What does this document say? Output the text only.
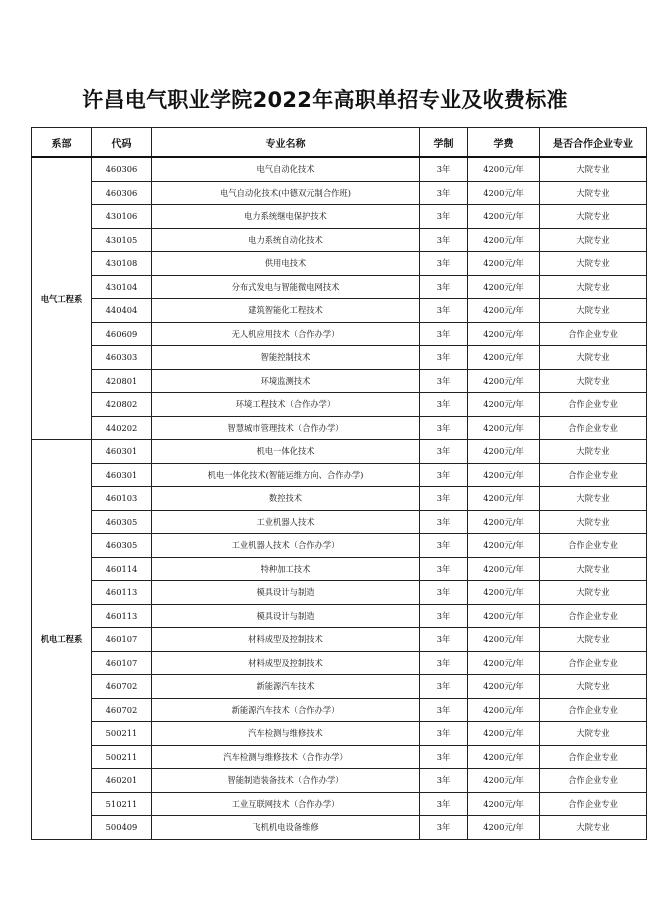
许昌电气职业学院2022年高职单招专业及收费标准
系部	代码	专业名称	学制	学费	是否合作企业专业
电气工程系	460306	电气自动化技术	3年	4200元/年	大院专业
	460306	电气自动化技术(中德双元制合作班)	3年	4200元/年	大院专业
	430106	电力系统继电保护技术	3年	4200元/年	大院专业
	430105	电力系统自动化技术	3年	4200元/年	大院专业
	430108	供用电技术	3年	4200元/年	大院专业
	430104	分布式发电与智能微电网技术	3年	4200元/年	大院专业
	440404	建筑智能化工程技术	3年	4200元/年	大院专业
	460609	无人机应用技术（合作办学）	3年	4200元/年	合作企业专业
	460303	智能控制技术	3年	4200元/年	大院专业
	420801	环境监测技术	3年	4200元/年	大院专业
	420802	环境工程技术（合作办学）	3年	4200元/年	合作企业专业
	440202	智慧城市管理技术（合作办学）	3年	4200元/年	合作企业专业
机电工程系	460301	机电一体化技术	3年	4200元/年	大院专业
	460301	机电一体化技术(智能运维方向、合作办学)	3年	4200元/年	合作企业专业
	460103	数控技术	3年	4200元/年	大院专业
	460305	工业机器人技术	3年	4200元/年	大院专业
	460305	工业机器人技术（合作办学）	3年	4200元/年	合作企业专业
	460114	特种加工技术	3年	4200元/年	大院专业
	460113	模具设计与制造	3年	4200元/年	大院专业
	460113	模具设计与制造	3年	4200元/年	合作企业专业
	460107	材料成型及控制技术	3年	4200元/年	大院专业
	460107	材料成型及控制技术	3年	4200元/年	合作企业专业
	460702	新能源汽车技术	3年	4200元/年	大院专业
	460702	新能源汽车技术（合作办学）	3年	4200元/年	合作企业专业
	500211	汽车检测与维修技术	3年	4200元/年	大院专业
	500211	汽车检测与维修技术（合作办学）	3年	4200元/年	合作企业专业
	460201	智能制造装备技术（合作办学）	3年	4200元/年	合作企业专业
	510211	工业互联网技术（合作办学）	3年	4200元/年	合作企业专业
	500409	飞机机电设备维修	3年	4200元/年	大院专业
